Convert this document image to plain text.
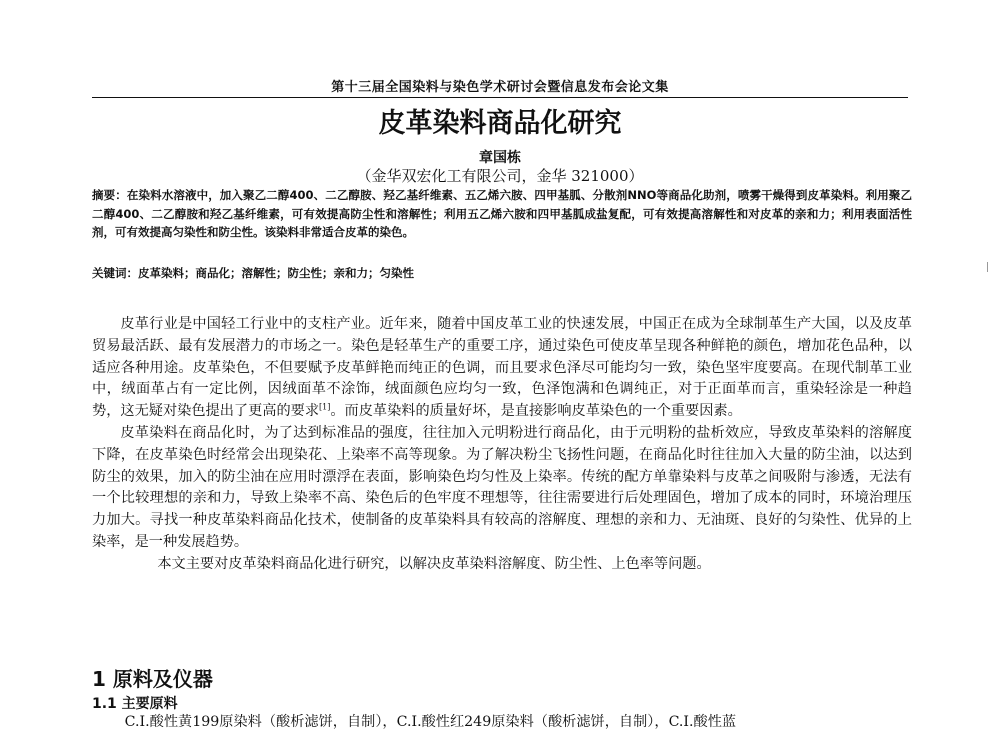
第十三届全国染料与染色学术研讨会暨信息发布会论文集
皮革染料商品化研究
章国栋
（金华双宏化工有限公司，金华 321000）
摘要：在染料水溶液中，加入聚乙二醇400、二乙醇胺、羟乙基纤维素、五乙烯六胺、四甲基胍、分散剂NNO等商品化助剂，喷雾干燥得到皮革染料。利用聚乙二醇400、二乙醇胺和羟乙基纤维素，可有效提高防尘性和溶解性；利用五乙烯六胺和四甲基胍成盐复配，可有效提高溶解性和对皮革的亲和力；利用表面活性剂，可有效提高匀染性和防尘性。该染料非常适合皮革的染色。
关键词：皮革染料；商品化；溶解性；防尘性；亲和力；匀染性

皮革行业是中国轻工行业中的支柱产业。近年来，随着中国皮革工业的快速发展，中国正在成为全球制革生产大国，以及皮革贸易最活跃、最有发展潜力的市场之一。染色是轻革生产的重要工序，通过染色可使皮革呈现各种鲜艳的颜色，增加花色品种，以适应各种用途。皮革染色，不但要赋予皮革鲜艳而纯正的色调，而且要求色泽尽可能均匀一致，染色坚牢度要高。在现代制革工业中，绒面革占有一定比例，因绒面革不涂饰，绒面颜色应均匀一致，色泽饱满和色调纯正，对于正面革而言，重染轻涂是一种趋势，这无疑对染色提出了更高的要求[1]。而皮革染料的质量好坏，是直接影响皮革染色的一个重要因素。

皮革染料在商品化时，为了达到标准品的强度，往往加入元明粉进行商品化，由于元明粉的盐析效应，导致皮革染料的溶解度下降，在皮革染色时经常会出现染花、上染率不高等现象。为了解决粉尘飞扬性问题，在商品化时往往加入大量的防尘油，以达到防尘的效果，加入的防尘油在应用时漂浮在表面，影响染色均匀性及上染率。传统的配方单靠染料与皮革之间吸附与渗透，无法有一个比较理想的亲和力，导致上染率不高、染色后的色牢度不理想等，往往需要进行后处理固色，增加了成本的同时，环境治理压力加大。寻找一种皮革染料商品化技术，使制备的皮革染料具有较高的溶解度、理想的亲和力、无油斑、良好的匀染性、优异的上染率，是一种发展趋势。

本文主要对皮革染料商品化进行研究，以解决皮革染料溶解度、防尘性、上色率等问题。

1 原料及仪器
1.1 主要原料
C.I.酸性黄199原染料（酸析滤饼，自制），C.I.酸性红249原染料（酸析滤饼，自制），C.I.酸性蓝
